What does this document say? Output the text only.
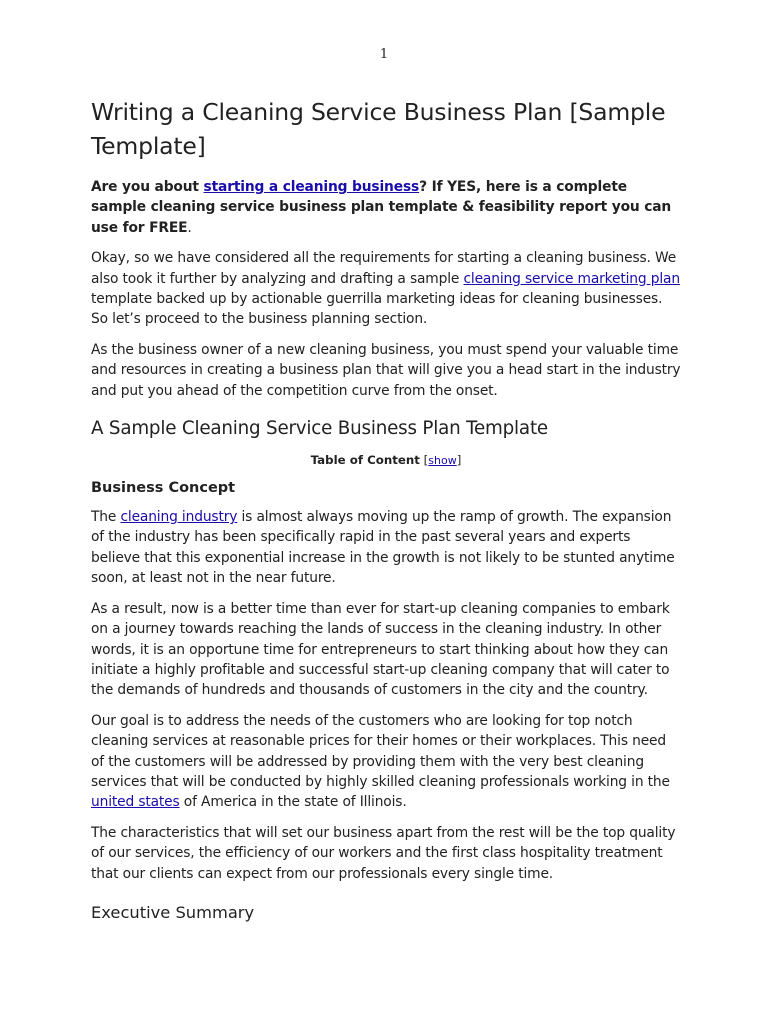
1
Writing a Cleaning Service Business Plan [Sample Template]

Are you about starting a cleaning business? If YES, here is a complete sample cleaning service business plan template & feasibility report you can use for FREE.

Okay, so we have considered all the requirements for starting a cleaning business. We also took it further by analyzing and drafting a sample cleaning service marketing plan template backed up by actionable guerrilla marketing ideas for cleaning businesses. So let’s proceed to the business planning section.

As the business owner of a new cleaning business, you must spend your valuable time and resources in creating a business plan that will give you a head start in the industry and put you ahead of the competition curve from the onset.

A Sample Cleaning Service Business Plan Template
Table of Content [show]
Business Concept

The cleaning industry is almost always moving up the ramp of growth. The expansion of the industry has been specifically rapid in the past several years and experts believe that this exponential increase in the growth is not likely to be stunted anytime soon, at least not in the near future.

As a result, now is a better time than ever for start-up cleaning companies to embark on a journey towards reaching the lands of success in the cleaning industry. In other words, it is an opportune time for entrepreneurs to start thinking about how they can initiate a highly profitable and successful start-up cleaning company that will cater to the demands of hundreds and thousands of customers in the city and the country.

Our goal is to address the needs of the customers who are looking for top notch cleaning services at reasonable prices for their homes or their workplaces. This need of the customers will be addressed by providing them with the very best cleaning services that will be conducted by highly skilled cleaning professionals working in the united states of America in the state of Illinois.

The characteristics that will set our business apart from the rest will be the top quality of our services, the efficiency of our workers and the first class hospitality treatment that our clients can expect from our professionals every single time.

Executive Summary
